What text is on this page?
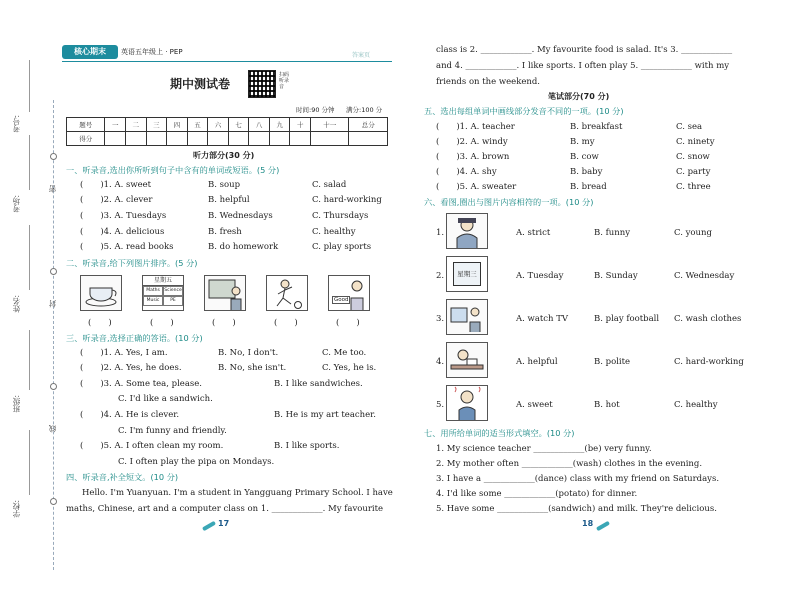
密
封
线
学校:
班级:
姓名:
考场:
考号:
核心期末	英语五年级上 · PEP
期中测试卷
扫码听录音
时间:90 分钟 满分:100 分
答案页
题号	一	二	三	四	五	六	七	八	九	十	十一	总分
得分												
听力部分(30 分)
一、听录音,选出你所听到句子中含有的单词或短语。(5 分)
(　　)1. A. sweet	B. soup	C. salad
(　　)2. A. clever	B. helpful	C. hard-working
(　　)3. A. Tuesdays	B. Wednesdays	C. Thursdays
(　　)4. A. delicious	B. fresh	C. healthy
(　　)5. A. read books	B. do homework	C. play sports
二、听录音,给下列图片排序。(5 分)
星期五
Maths Science
Music	PE	Good
(　　)	(　　)	(　　)	(　　)	(　　)
三、听录音,选择正确的答语。(10 分)
(　　)1. A. Yes, I am.	B. No, I don't.	C. Me too.
(　　)2. A. Yes, he does.	B. No, she isn't.	C. Yes, he is.
(　　)3. A. Some tea, please.	B. I like sandwiches.
C. I'd like a sandwich.
(　　)4. A. He is clever.	B. He is my art teacher.
C. I'm funny and friendly.
(　　)5. A. I often clean my room.	B. I like sports.
C. I often play the pipa on Mondays.
四、听录音,补全短文。(10 分)
Hello. I'm Yuanyuan. I'm a student in Yangguang Primary School. I have
maths, Chinese, art and a computer class on 1. ____________. My favourite
17
class is 2. ____________. My favourite food is salad. It's 3. ____________
and 4. ____________. I like sports. I often play 5. ____________ with my
friends on the weekend.
笔试部分(70 分)
五、选出每组单词中画线部分发音不同的一项。(10 分)
(　　)1. A. teacher	B. breakfast	C. sea
(　　)2. A. windy	B. my	C. ninety
(　　)3. A. brown	B. cow	C. snow
(　　)4. A. shy	B. baby	C. party
(　　)5. A. sweater	B. bread	C. three
六、看图,圈出与图片内容相符的一项。(10 分)
1.	A. strict	B. funny	C. young
2.	星期三	A. Tuesday	B. Sunday	C. Wednesday
3.	A. watch TV	B. play football C. wash clothes
4.	A. helpful	B. polite	C. hard-working
5.	A. sweet	B. hot	C. healthy
七、用所给单词的适当形式填空。(10 分)
1. My science teacher ____________(be) very funny.
2. My mother often ____________(wash) clothes in the evening.
3. I have a ____________(dance) class with my friend on Saturdays.
4. I'd like some ____________(potato) for dinner.
5. Have some ____________(sandwich) and milk. They're delicious.
18
